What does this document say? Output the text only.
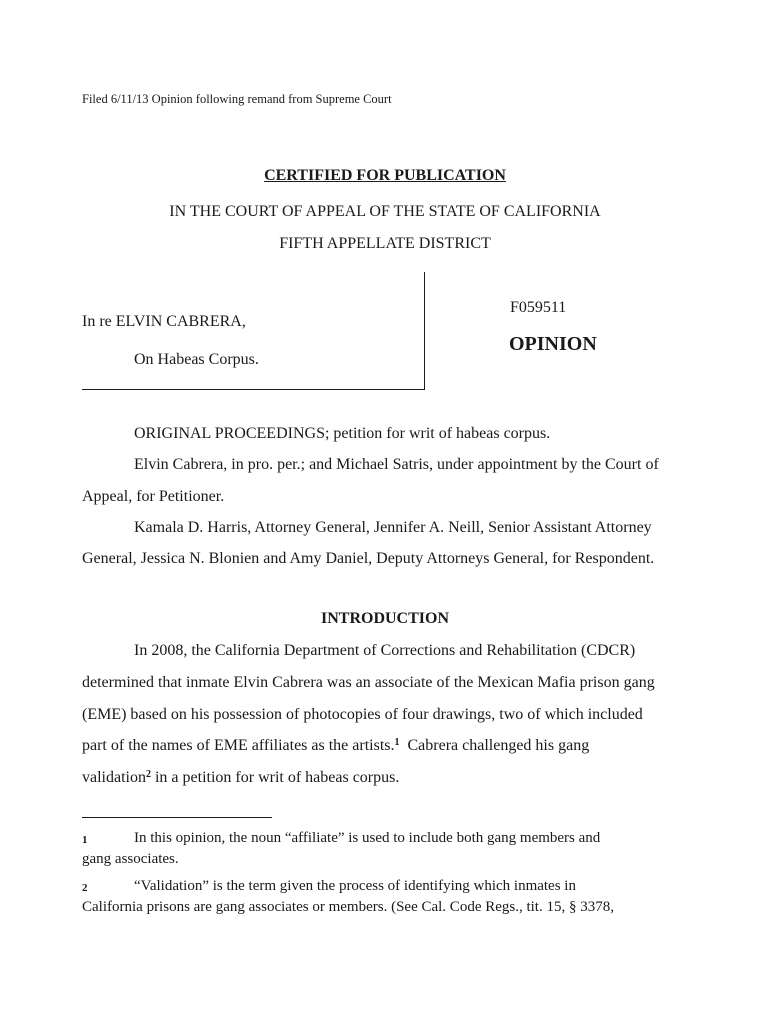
Filed 6/11/13 Opinion following remand from Supreme Court
CERTIFIED FOR PUBLICATION
IN THE COURT OF APPEAL OF THE STATE OF CALIFORNIA
FIFTH APPELLATE DISTRICT
F059511
OPINION
In re ELVIN CABRERA,
On Habeas Corpus.
ORIGINAL PROCEEDINGS; petition for writ of habeas corpus.
Elvin Cabrera, in pro. per.; and Michael Satris, under appointment by the Court of
Appeal, for Petitioner.
Kamala D. Harris, Attorney General, Jennifer A. Neill, Senior Assistant Attorney
General, Jessica N. Blonien and Amy Daniel, Deputy Attorneys General, for Respondent.
INTRODUCTION
In 2008, the California Department of Corrections and Rehabilitation (CDCR)
determined that inmate Elvin Cabrera was an associate of the Mexican Mafia prison gang
(EME) based on his possession of photocopies of four drawings, two of which included
part of the names of EME affiliates as the artists.$^1$  Cabrera challenged his gang
validation$^2$ in a petition for writ of habeas corpus.
1	In this opinion, the noun “affiliate” is used to include both gang members and
gang associates.
2	“Validation” is the term given the process of identifying which inmates in
California prisons are gang associates or members. (See Cal. Code Regs., tit. 15, § 3378,
